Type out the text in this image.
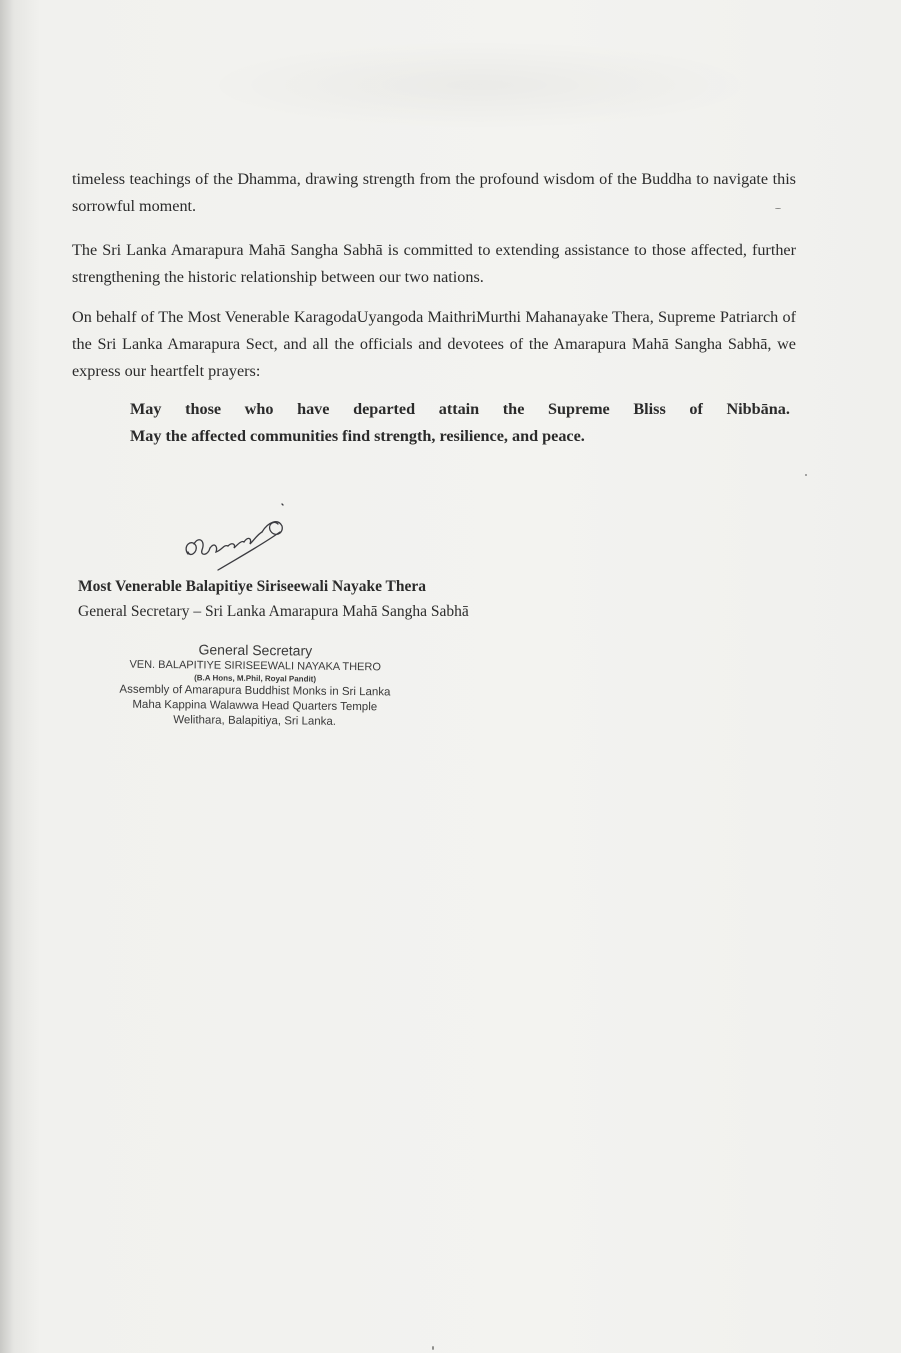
timeless teachings of the Dhamma, drawing strength from the profound wisdom of the Buddha to navigate this sorrowful moment.

The Sri Lanka Amarapura Mahā Sangha Sabhā is committed to extending assistance to those affected, further strengthening the historic relationship between our two nations.

On behalf of The Most Venerable KaragodaUyangoda MaithriMurthi Mahanayake Thera, Supreme Patriarch of the Sri Lanka Amarapura Sect, and all the officials and devotees of the Amarapura Mahā Sangha Sabhā, we express our heartfelt prayers:

May those who have departed attain the Supreme Bliss of Nibbāna.
May the affected communities find strength, resilience, and peace.
Most Venerable Balapitiye Siriseewali Nayake Thera
General Secretary – Sri Lanka Amarapura Mahā Sangha Sabhā
General Secretary
VEN. BALAPITIYE SIRISEEWALI NAYAKA THERO
(B.A Hons, M.Phil, Royal Pandit)
Assembly of Amarapura Buddhist Monks in Sri Lanka
Maha Kappina Walawwa Head Quarters Temple
Welithara, Balapitiya, Sri Lanka.
